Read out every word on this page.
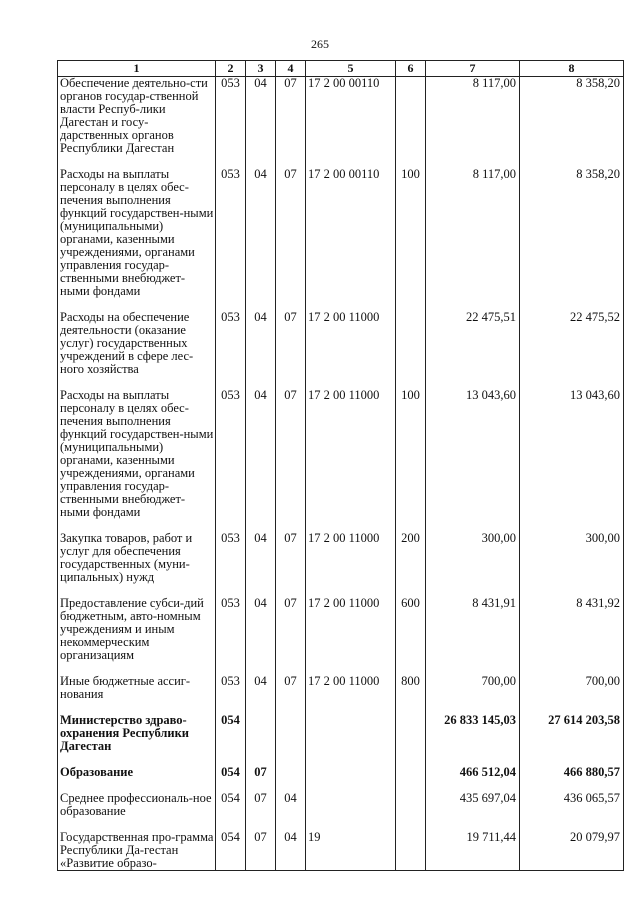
265
1	2	3	4	5	6	7	8
Обеспечение деятельно-сти органов государ-ственной власти Респуб-лики Дагестан и госу-дарственных органов Республики Дагестан	053	04	07	17 2 00 00110		8 117,00	8 358,20
Расходы на выплаты персоналу в целях обес-печения выполнения функций государствен-ными (муниципальными) органами, казенными учреждениями, органами управления государ-ственными внебюджет-ными фондами	053	04	07	17 2 00 00110	100	8 117,00	8 358,20
Расходы на обеспечение деятельности (оказание услуг) государственных учреждений в сфере лес-ного хозяйства	053	04	07	17 2 00 11000		22 475,51	22 475,52
Расходы на выплаты персоналу в целях обес-печения выполнения функций государствен-ными (муниципальными) органами, казенными учреждениями, органами управления государ-ственными внебюджет-ными фондами	053	04	07	17 2 00 11000	100	13 043,60	13 043,60
Закупка товаров, работ и услуг для обеспечения государственных (муни-ципальных) нужд	053	04	07	17 2 00 11000	200	300,00	300,00
Предоставление субси-дий бюджетным, авто-номным учреждениям и иным некоммерческим организациям	053	04	07	17 2 00 11000	600	8 431,91	8 431,92
Иные бюджетные ассиг-нования	053	04	07	17 2 00 11000	800	700,00	700,00
Министерство здраво-охранения Республики Дагестан	054					26 833 145,03	27 614 203,58
Образование	054	07				466 512,04	466 880,57
Среднее профессиональ-ное образование	054	07	04			435 697,04	436 065,57
Государственная про-грамма Республики Да-гестан «Развитие образо-	054	07	04	19		19 711,44	20 079,97
